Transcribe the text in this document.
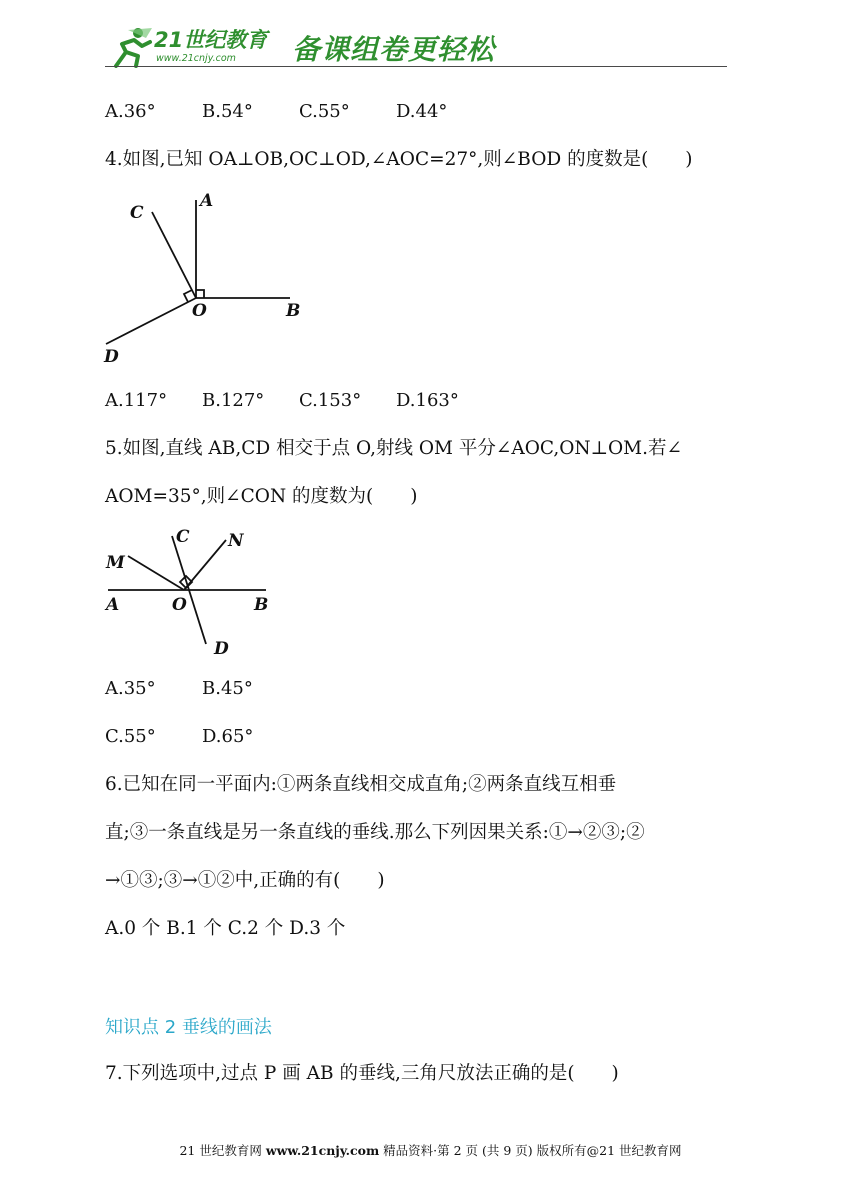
21世纪教育
www.21cnjy.com 备课组卷更轻松
A.36°	B.54°	C.55°	D.44°
4.如图,已知 OA⊥OB,OC⊥OD,∠AOC=27°,则∠BOD 的度数是(　　)
A
B
C
D
O
A.117° B.127° C.153° D.163°
5.如图,直线 AB,CD 相交于点 O,射线 OM 平分∠AOC,ON⊥OM.若∠
AOM=35°,则∠CON 的度数为(　　)
M
C N
A	O	B
D
A.35°	B.45°
C.55°	D.65°
6.已知在同一平面内:①两条直线相交成直角;②两条直线互相垂
直;③一条直线是另一条直线的垂线.那么下列因果关系:①→②③;②
→①③;③→①②中,正确的有(　　)
A.0 个 B.1 个 C.2 个 D.3 个
知识点 2 垂线的画法
7.下列选项中,过点 P 画 AB 的垂线,三角尺放法正确的是(　　)
21 世纪教育网 www.21cnjy.com 精品资料·第 2 页 (共 9 页) 版权所有@21 世纪教育网
